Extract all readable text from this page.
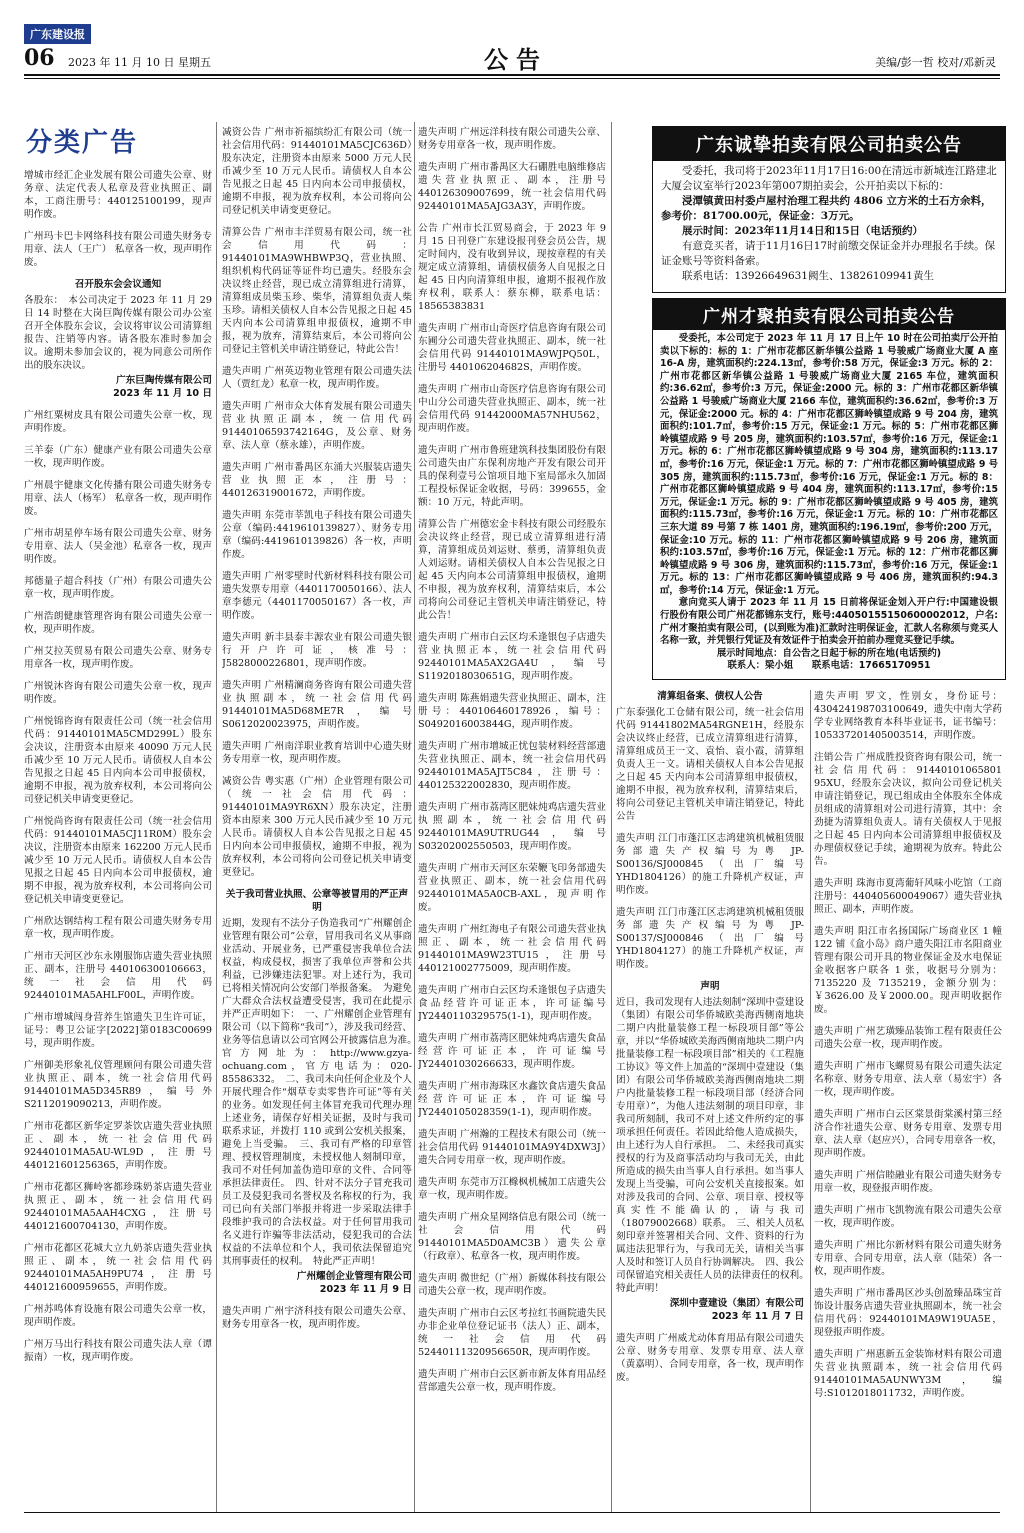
广东建设报
06 2023 年 11 月 10 日 星期五	公告	美编/彭一哲 校对/邓新灵
分类广告

增城市经汇企业发展有限公司遗失公章、财务章、法定代表人私章及营业执照正、副本，工商注册号：440125100199，现声明作废。

广州玛卡巴卡网络科技有限公司遗失财务专用章、法人（王广） 私章各一枚，现声明作废。

召开股东会会议通知

各股东：　本公司决定于 2023 年 11 月 29 日 14 时整在大岗巨陶传媒有限公司办公室召开全体股东会议，会议将审议公司清算组报告、注销等内容。请各股东准时参加会议。逾期未参加会议的，视为同意公司所作出的股东决议。

广东巨陶传媒有限公司
2023 年 11 月 10 日

广州红粟树皮具有限公司遗失公章一枚，现声明作废。

三羊泰（广东）健康产业有限公司遗失公章一枚，现声明作废。

广州晨宇健康文化传播有限公司遗失财务专用章、法人（杨军） 私章各一枚，现声明作废。

广州市胡星停车场有限公司遗失公章、财务专用章、法人（吴金池）私章各一枚，现声明作废。

邦德量子超合科技（广州）有限公司遗失公章一枚，现声明作废。

广州浩朗健康管理咨询有限公司遗失公章一枚，现声明作废。

广州艾拉芙贸易有限公司遗失公章、财务专用章各一枚，现声明作废。

广州锐沐咨询有限公司遗失公章一枚，现声明作废。

广州悦锦咨询有限责任公司（统一社会信用代码：91440101MA5CMD299L）股东会决议，注册资本由原来 40090 万元人民币减少至 10 万元人民币。请债权人自本公告见报之日起 45 日内向本公司申报债权，逾期不申报，视为放弃权利，本公司将向公司登记机关申请变更登记。

广州悦尚咨询有限责任公司（统一社会信用代码：91440101MA5CJ11R0M）股东会决议，注册资本由原来 162200 万元人民币减少至 10 万元人民币。请债权人自本公告见报之日起 45 日内向本公司申报债权，逾期不申报，视为放弃权利，本公司将向公司登记机关申请变更登记。

广州欣达钢结构工程有限公司遗失财务专用章一枚，现声明作废。

广州市天河区沙东永刚服饰店遗失营业执照正、副本，注册号 440106300106663，统一社会信用代码 92440101MA5AHLF00L，声明作废。

广州市增城闯身营养生馆遗失卫生许可证，证号：粤卫公证字[2022]第0183C00699号，现声明作废。

广州御美形象礼仪管理顾问有限公司遗失营业执照正、副本，统一社会信用代码 91440101MA5D345R89，编号外 S2112019090213，声明作废。

广州市花都区新华定罗茶饮店遗失营业执照正、副本，统一社会信用代码 92440101MA5AU-WL9D，注册号 440121601256365，声明作废。

广州市花都区狮岭客都珍珠奶茶店遗失营业执照正、副本，统一社会信用代码 92440101MA5AAH4CXG，注册号 440121600704130，声明作废。

广州市花都区花城大立九奶茶店遗失营业执照正、副本，统一社会信用代码 92440101MA5AH9PU74，注册号 440121600959655，声明作废。

广州苏鸣体育设施有限公司遗失公章一枚，现声明作废。

广州万马出行科技有限公司遗失法人章（谭振南）一枚，现声明作废。

减资公告 广州市祈福缤纷汇有限公司（统一社会信用代码：91440101MA5CJC636D）股东决定，注册资本由原来 5000 万元人民币减少至 10 万元人民币。请债权人自本公告见报之日起 45 日内向本公司申报债权，逾期不申报，视为放弃权利，本公司将向公司登记机关申请变更登记。

清算公告 广州市丰洋贸易有限公司，统一社会信用代码：91440101MA9WHBWP3Q，营业执照、组织机构代码证等证件均已遗失。经股东会决议终止经营，现已成立清算组进行清算，清算组成员柴玉珍、柴华，清算组负责人柴玉珍。请相关债权人自本公告见报之日起 45 天内向本公司清算组申报债权，逾期不申报，视为放弃，清算结束后，本公司将向公司登记主管机关申请注销登记，特此公告！

遗失声明 广州英迈物业管理有限公司遗失法人（贾红龙）私章一枚，现声明作废。

遗失声明 广州市众大体育发展有限公司遗失营业执照正副本，统一信用代码 91440106593742164G，及公章、财务章、法人章（蔡永雄），声明作废。

遗失声明 广州市番禺区东涌大兴服装店遗失营业执照正本，注册号：440126319001672，声明作废。

遗失声明 东莞市莘凯电子科技有限公司遗失公章（编码:4419610139827）、财务专用章（编码:4419610139826）各一枚，声明作废。

遗失声明 广州零壁时代新材料科技有限公司遗失发票专用章（4401170050166）、法人章李德元（4401170050167）各一枚，声明作废。

遗失声明 新丰县泰丰源农业有限公司遗失银行开户许可证，核准号：J5828000226801，现声明作废。

遗失声明 广州精澜商务咨询有限公司遗失营业执照副本，统一社会信用代码 91440101MA5D68ME7R，编号 S0612020023975，声明作废。

遗失声明 广州南洋职业教育培训中心遗失财务专用章一枚，现声明作废。

减资公告 粤实惠（广州）企业管理有限公司（统一社会信用代码：91440101MA9YR6XN）股东决定，注册资本由原来 300 万元人民币减少至 10 万元人民币。请债权人自本公告见报之日起 45 日内向本公司申报债权，逾期不申报，视为放弃权利，本公司将向公司登记机关申请变更登记。

关于我司营业执照、公章等被冒用的严正声明

近期，发现有不法分子伪造我司“广州耀创企业管理有限公司”公章，冒用我司名义从事商业活动、开展业务，已严重侵害我单位合法权益，构成侵权，损害了我单位声誉和公共利益，已涉嫌违法犯罪。对上述行为，我司已将相关情况向公安部门举报备案。　为避免广大群众合法权益遭受侵害，我司在此提示并严正声明如下：　一、广州耀创企业管理有限公司（以下简称“我司”），涉及我司经营、业务等信息请以公司官网公开披露信息为准。　官方网址为：http://www.gzya-ochuang.com，官方电话为：020-85586332。　二、我司未向任何企业及个人开展代理合作“烟草专卖零售许可证”等有关的业务。如发现任何主体冒充我司代理办理上述业务，请保存好相关证据，及时与我司联系求证，并拨打 110 或到公安机关报案，避免上当受骗。　三、我司有严格的印章管理、授权管理制度，未授权他人刻制印章，我司不对任何加盖伪造印章的文件、合同等承担法律责任。　四、针对不法分子冒充我司员工及侵犯我司名誉权及名称权的行为，我司已向有关部门举报并将进一步采取法律手段维护我司的合法权益。对于任何冒用我司名义进行诈骗等非法活动，侵犯我司的合法权益的不法单位和个人，我司依法保留追究其刑事责任的权利。　特此严正声明！

广州耀创企业管理有限公司
2023 年 11 月 9 日

遗失声明 广州宇济科技有限公司遗失公章、财务专用章各一枚，现声明作废。

遗失声明 广州远洋科技有限公司遗失公章、财务专用章各一枚，现声明作废。

遗失声明 广州市番禺区大石硼胜电脑维修店遗失营业执照正、副本，注册号 440126309007699，统一社会信用代码 92440101MA5AJG3A3Y，声明作废。

公告 广州市长江贸易商会，于 2023 年 9 月 15 日刊登广东建设报刊登会员公告，规定时间内，没有收到异议，现按章程的有关规定成立清算组，请债权债务人自见报之日起 45 日内向清算组申报，逾期不报视作放弃权利，联系人：蔡东柳，联系电话：18565383831

遗失声明 广州市山奇医疗信息咨询有限公司东圃分公司遗失营业执照正、副本，统一社会信用代码 91440101MA9WJPQ50L，注册号 440106204682S，声明作废。

遗失声明 广州市山奇医疗信息咨询有限公司中山分公司遗失营业执照正、副本，统一社会信用代码 91442000MA57NHU562，现声明作废。

遗失声明 广州市鲁班建筑科技集团股份有限公司遗失由广东保利房地产开发有限公司开具的保利壹号公馆项目地下室局部永久加固工程投标保证金收据，号码：399655，金额：10 万元，特此声明。

清算公告 广州德宏金卡科技有限公司经股东会决议终止经营，现已成立清算组进行清算，清算组成员刘运财、蔡勇，清算组负责人刘运财。请相关债权人自本公告见报之日起 45 天内向本公司清算组申报债权，逾期不申报，视为放弃权利，清算结束后，本公司将向公司登记主管机关申请注销登记，特此公告！

遗失声明 广州市白云区均禾逢银包子店遗失营业执照正本，统一社会信用代码 92440101MA5AX2GA4U，编号 S1192018030651G，现声明作废。

遗失声明 陈燕娟遗失营业执照正、副本，注册号：440106460178926，编号：S0492016003844G，现声明作废。

遗失声明 广州市增城正忧包装材料经营部遗失营业执照正、副本，统一社会信用代码 92440101MA5AJT5C84，注册号：440125322002830，现声明作废。

遗失声明 广州市荔湾区肥妹炖鸡店遗失营业执照副本，统一社会信用代码 92440101MA9UTRUG44，编号 S03202002550503，现声明作废。

遗失声明 广州市天河区东荣鞭飞印务部遗失营业执照正、副本，统一社会信用代码 92440101MA5A0CB-AXL，现声明作废。

遗失声明 广州红海电子有限公司遗失营业执照正、副本，统一社会信用代码 91440101MA9W23TU15，注册号 440121002775009，现声明作废。

遗失声明 广州市白云区均禾逢银包子店遗失食品经营许可证正本，许可证编号 JY2440110329575(1-1)，现声明作废。

遗失声明 广州市荔湾区肥妹炖鸡店遗失食品经营许可证正本，许可证编号 JY24401030266633，现声明作废。

遗失声明 广州市海珠区水鑫饮食店遗失食品经营许可证正本，许可证编号 JY2440105028359(1-1)，现声明作废。

遗失声明 广州瀚的工程技术有限公司（统一社会信用代码 91440101MA9Y4DXW3J）遗失合同专用章一枚，现声明作废。

遗失声明 东莞市万江橼枫机械加工店遗失公章一枚，现声明作废。

遗失声明 广州众星网络信息有限公司（统一社会信用代码 91440101MA5D0AMC3B）遗失公章（行政章）、私章各一枚，现声明作废。

遗失声明 微世纪（广州）新媒体科技有限公司遗失公章一枚，现声明作废。

遗失声明 广州市白云区考拉红书画院遗失民办非企业单位登记证书（法人）正、副本，统一社会信用代码 52440111320956650R，现声明作废。

遗失声明 广州市白云区新市新友体育用品经营部遗失公章一枚，现声明作废。

广东诚挚拍卖有限公司拍卖公告

受委托，我司将于2023年11月17日16:00在清远市新城连江路建北大厦会议室举行2023年第007期拍卖会，公开拍卖以下标的：

浸潭镇黄田村委卢屋村治理工程共约 4806 立方米的土石方余料，参考价：81700.00元，保证金：3万元。

展示时间：2023年11月14日和15日（电话预约）

有意竞买者，请于11月16日17时前缴交保证金并办理报名手续。保证金账号等资料备索。

联系电话：13926649631阙生、13826109941黄生

广州才聚拍卖有限公司拍卖公告

受委托，本公司定于 2023 年 11 月 17 日上午 10 时在公司拍卖厅公开拍卖以下标的：标的 1：广州市花都区新华镇公益路 1 号骏威广场商业大厦 A 座 16-A 房，建筑面积约:224.13㎡，参考价:58 万元，保证金:3 万元。标的 2：广州市花都区新华镇公益路 1 号骏威广场商业大厦 2165 车位，建筑面积约:36.62㎡，参考价:3 万元，保证金:2000 元。标的 3：广州市花都区新华镇公益路 1 号骏威广场商业大厦 2166 车位，建筑面积约:36.62㎡，参考价:3 万元，保证金:2000 元。标的 4：广州市花都区狮岭镇望成路 9 号 204 房，建筑面积约:101.7㎡，参考价:15 万元，保证金:1 万元。标的 5：广州市花都区狮岭镇望成路 9 号 205 房，建筑面积约:103.57㎡，参考价:16 万元，保证金:1 万元。标的 6：广州市花都区狮岭镇望成路 9 号 304 房，建筑面积约:113.17㎡，参考价:16 万元，保证金:1 万元。标的 7：广州市花都区狮岭镇望成路 9 号 305 房，建筑面积约:115.73㎡，参考价:16 万元，保证金:1 万元。标的 8：广州市花都区狮岭镇望成路 9 号 404 房，建筑面积约:113.17㎡，参考价:15 万元，保证金:1 万元。标的 9：广州市花都区狮岭镇望成路 9 号 405 房，建筑面积约:115.73㎡，参考价:16 万元，保证金:1 万元。标的 10：广州市花都区三东大道 89 号第 7 栋 1401 房，建筑面积约:196.19㎡，参考价:200 万元，保证金:10 万元。标的 11：广州市花都区狮岭镇望成路 9 号 206 房，建筑面积约:103.57㎡，参考价:16 万元，保证金:1 万元。标的 12：广州市花都区狮岭镇望成路 9 号 306 房，建筑面积约:115.73㎡，参考价:16 万元，保证金:1 万元。标的 13：广州市花都区狮岭镇望成路 9 号 406 房，建筑面积约:94.3㎡，参考价:14 万元，保证金:1 万元。

意向竞买人请于 2023 年 11 月 15 日前将保证金划入开户行:中国建设银行股份有限公司广州花都锦东支行，账号:44050155150600002012，户名:广州才聚拍卖有限公司，(以到账为准)汇款时注明保证金，汇款人名称须与竞买人名称一致，并凭银行凭证及有效证件于拍卖会开拍前办理竞买登记手续。

展示时间地点：自公告之日起于标的所在地(电话预约)

联系人：梁小姐　　联系电话：17665170951

清算组备案、债权人公告

广东泰强化工仓储有限公司，统一社会信用代码 91441802MA54RGNE1H，经股东会决议终止经营，已成立清算组进行清算，清算组成员王一文、袁怡、袁小霞，清算组负责人王一文。请相关债权人自本公告见报之日起 45 天内向本公司清算组申报债权，逾期不申报，视为放弃权利，清算结束后，将向公司登记主管机关申请注销登记，特此公告

遗失声明 江门市蓬江区志鸿建筑机械租赁服务部遗失产权编号为粤 JP-S00136/SJ000845（出厂编号 YHD1804126）的施工升降机产权证，声明作废。

遗失声明 江门市蓬江区志鸿建筑机械租赁服务部遗失产权编号为粤 JP-S00137/SJ000846（出厂编号 YHD1804127）的施工升降机产权证，声明作废。

声明

近日，我司发现有人违法刻制“深圳中壹建设（集团）有限公司华侨城欧美海西侧南地块二期户内批量装修工程一标段项目部”等公章，并以“华侨城欧美海西侧南地块二期户内批量装修工程一标段项目部”相关的《工程施工协议》等文件上加盖的“深圳中壹建设（集团）有限公司华侨城欧美海西侧南地块二期户内批量装修工程一标段项目部（经济合同专用章）”，为他人违法刻制的项目印章，非我司所刻制，我司不对上述文件所约定的事项承担任何责任。若因此给他人造成损失，由上述行为人自行承担。　二、未经我司真实授权的行为及商事活动均与我司无关，由此所造成的损失由当事人自行承担。如当事人发现上当受骗，可向公安机关直接报案。如对涉及我司的合同、公章、项目章、授权等真实性不能确认的，请与我司（18079002668）联系。　三、相关人员私刻印章并签署相关合同、文件、资料的行为属违法犯罪行为，与我司无关，请相关当事人及时和签订人员自行协调解决。　四、我公司保留追究相关责任人员的法律责任的权利。　特此声明！

深圳中壹建设（集团）有限公司
2023 年 11 月 7 日

遗失声明 广州威尤动体育用品有限公司遗失公章、财务专用章、发票专用章、法人章（黄嘉明）、合同专用章，各一枚，现声明作废。

遗失声明 罗文，性别女，身份证号：43042419870310064​9，遗失中南大学药学专业网络教育本科毕业证书，证书编号：105337201405003514，声明作废。

注销公告 广州成胜投资咨询有限公司，统一社会信用代码：91440101065801 95XU，经股东会决议，拟向公司登记机关申请注销登记，现已组成由全体股东全体成员组成的清算组对公司进行清算，其中：余劲捷为清算组负责人。请有关债权人于见报之日起 45 日内向本公司清算组申报债权及办理债权登记手续，逾期视为放弃。特此公告。

遗失声明 珠海市夏湾葡轩风味小吃馆（工商注册号：440405600049067）遗失营业执照正、副本，声明作废。

遗失声明 阳江市名扬国际广场商业区 1 幢 122 铺《盒小岛》商户遗失阳江市名阳商业管理有限公司开具的物业保证金及水电保证金收据客户联各 1 张，收据号分别为：7135220 及 7135219，金额分别为：￥3626.00 及￥2000.00。现声明收据作废。

遗失声明 广州艺璜臻品装饰工程有限责任公司遗失公章一枚，现声明作废。

遗失声明 广州市飞螺贸易有限公司遗失法定名称章、财务专用章、法人章（易宏宇）各一枚，现声明作废。

遗失声明 广州市白云区棠景街棠溪村第三经济合作社遗失公章、财务专用章、发票专用章、法人章（赵应兴），合同专用章各一枚，现声明作废。

遗失声明 广州信睦融业有限公司遗失财务专用章一枚，现登报声明作废。

遗失声明 广州市飞凯物流有限公司遗失公章一枚，现声明作废。

遗失声明 广州比尔新材料有限公司遗失财务专用章、合同专用章，法人章（陆荣）各一枚，现声明作废。

遗失声明 广州市番禺区沙头创盈臻品珠宝首饰设计服务店遗失营业执照副本，统一社会信用代码：92440101MA9W19UA5E，现登报声明作废。

遗失声明 广州惠新五金装饰材料有限公司遗失营业执照副本，统一社会信用代码 91440101MA5AUNWY3M，编号:S1012018011732，声明作废。
